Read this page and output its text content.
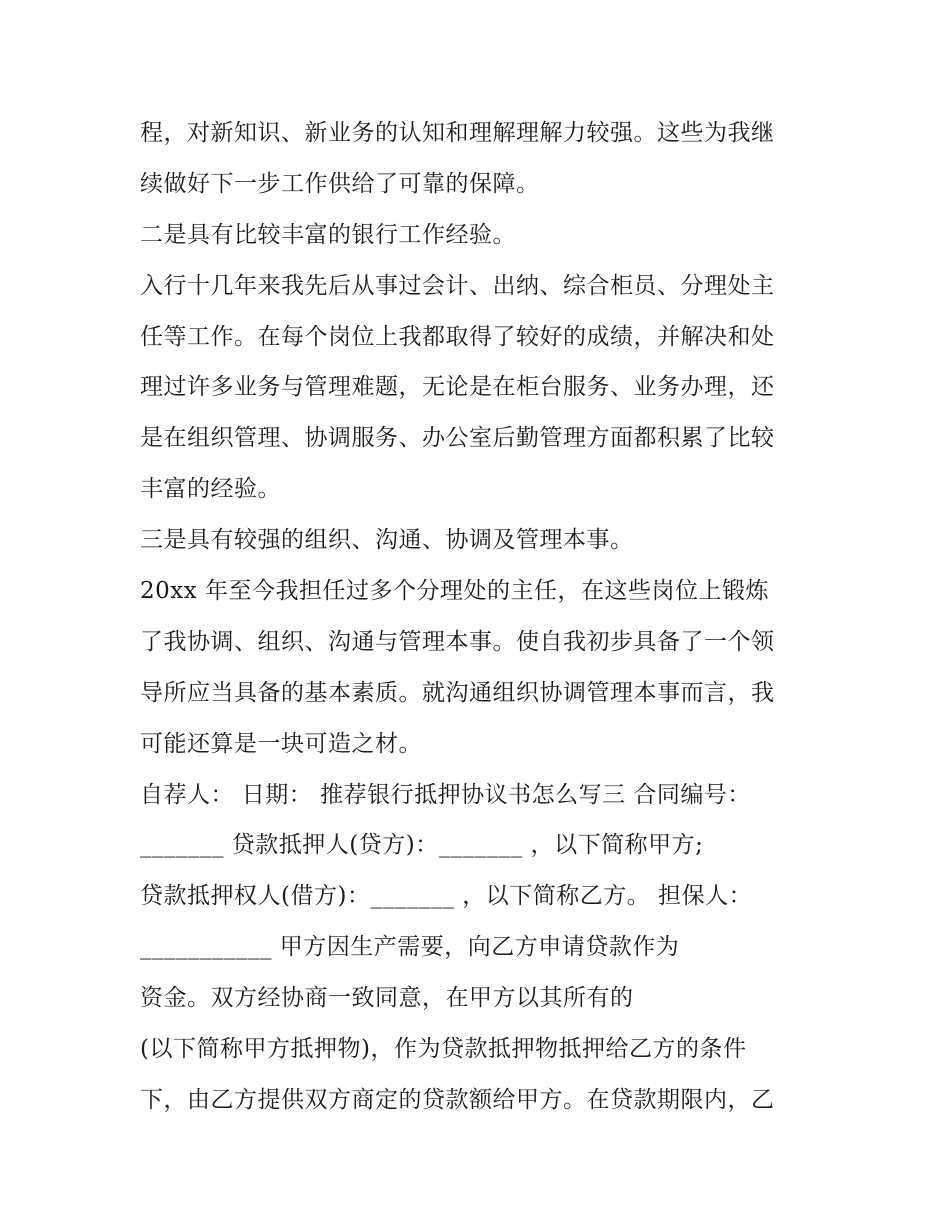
程，对新知识、新业务的认知和理解理解力较强。这些为我继
续做好下一步工作供给了可靠的保障。
二是具有比较丰富的银行工作经验。
入行十几年来我先后从事过会计、出纳、综合柜员、分理处主
任等工作。在每个岗位上我都取得了较好的成绩，并解决和处
理过许多业务与管理难题，无论是在柜台服务、业务办理，还
是在组织管理、协调服务、办公室后勤管理方面都积累了比较
丰富的经验。
三是具有较强的组织、沟通、协调及管理本事。
20xx 年至今我担任过多个分理处的主任，在这些岗位上锻炼
了我协调、组织、沟通与管理本事。使自我初步具备了一个领
导所应当具备的基本素质。就沟通组织协调管理本事而言，我
可能还算是一块可造之材。
自荐人： 日期： 推荐银行抵押协议书怎么写三 合同编号：
_______ 贷款抵押人(贷方)：_______ ，以下简称甲方;
贷款抵押权人(借方)：_______ ，以下简称乙方。 担保人：
___________ 甲方因生产需要，向乙方申请贷款作为
资金。双方经协商一致同意，在甲方以其所有的
(以下简称甲方抵押物)，作为贷款抵押物抵押给乙方的条件
下，由乙方提供双方商定的贷款额给甲方。在贷款期限内，乙
